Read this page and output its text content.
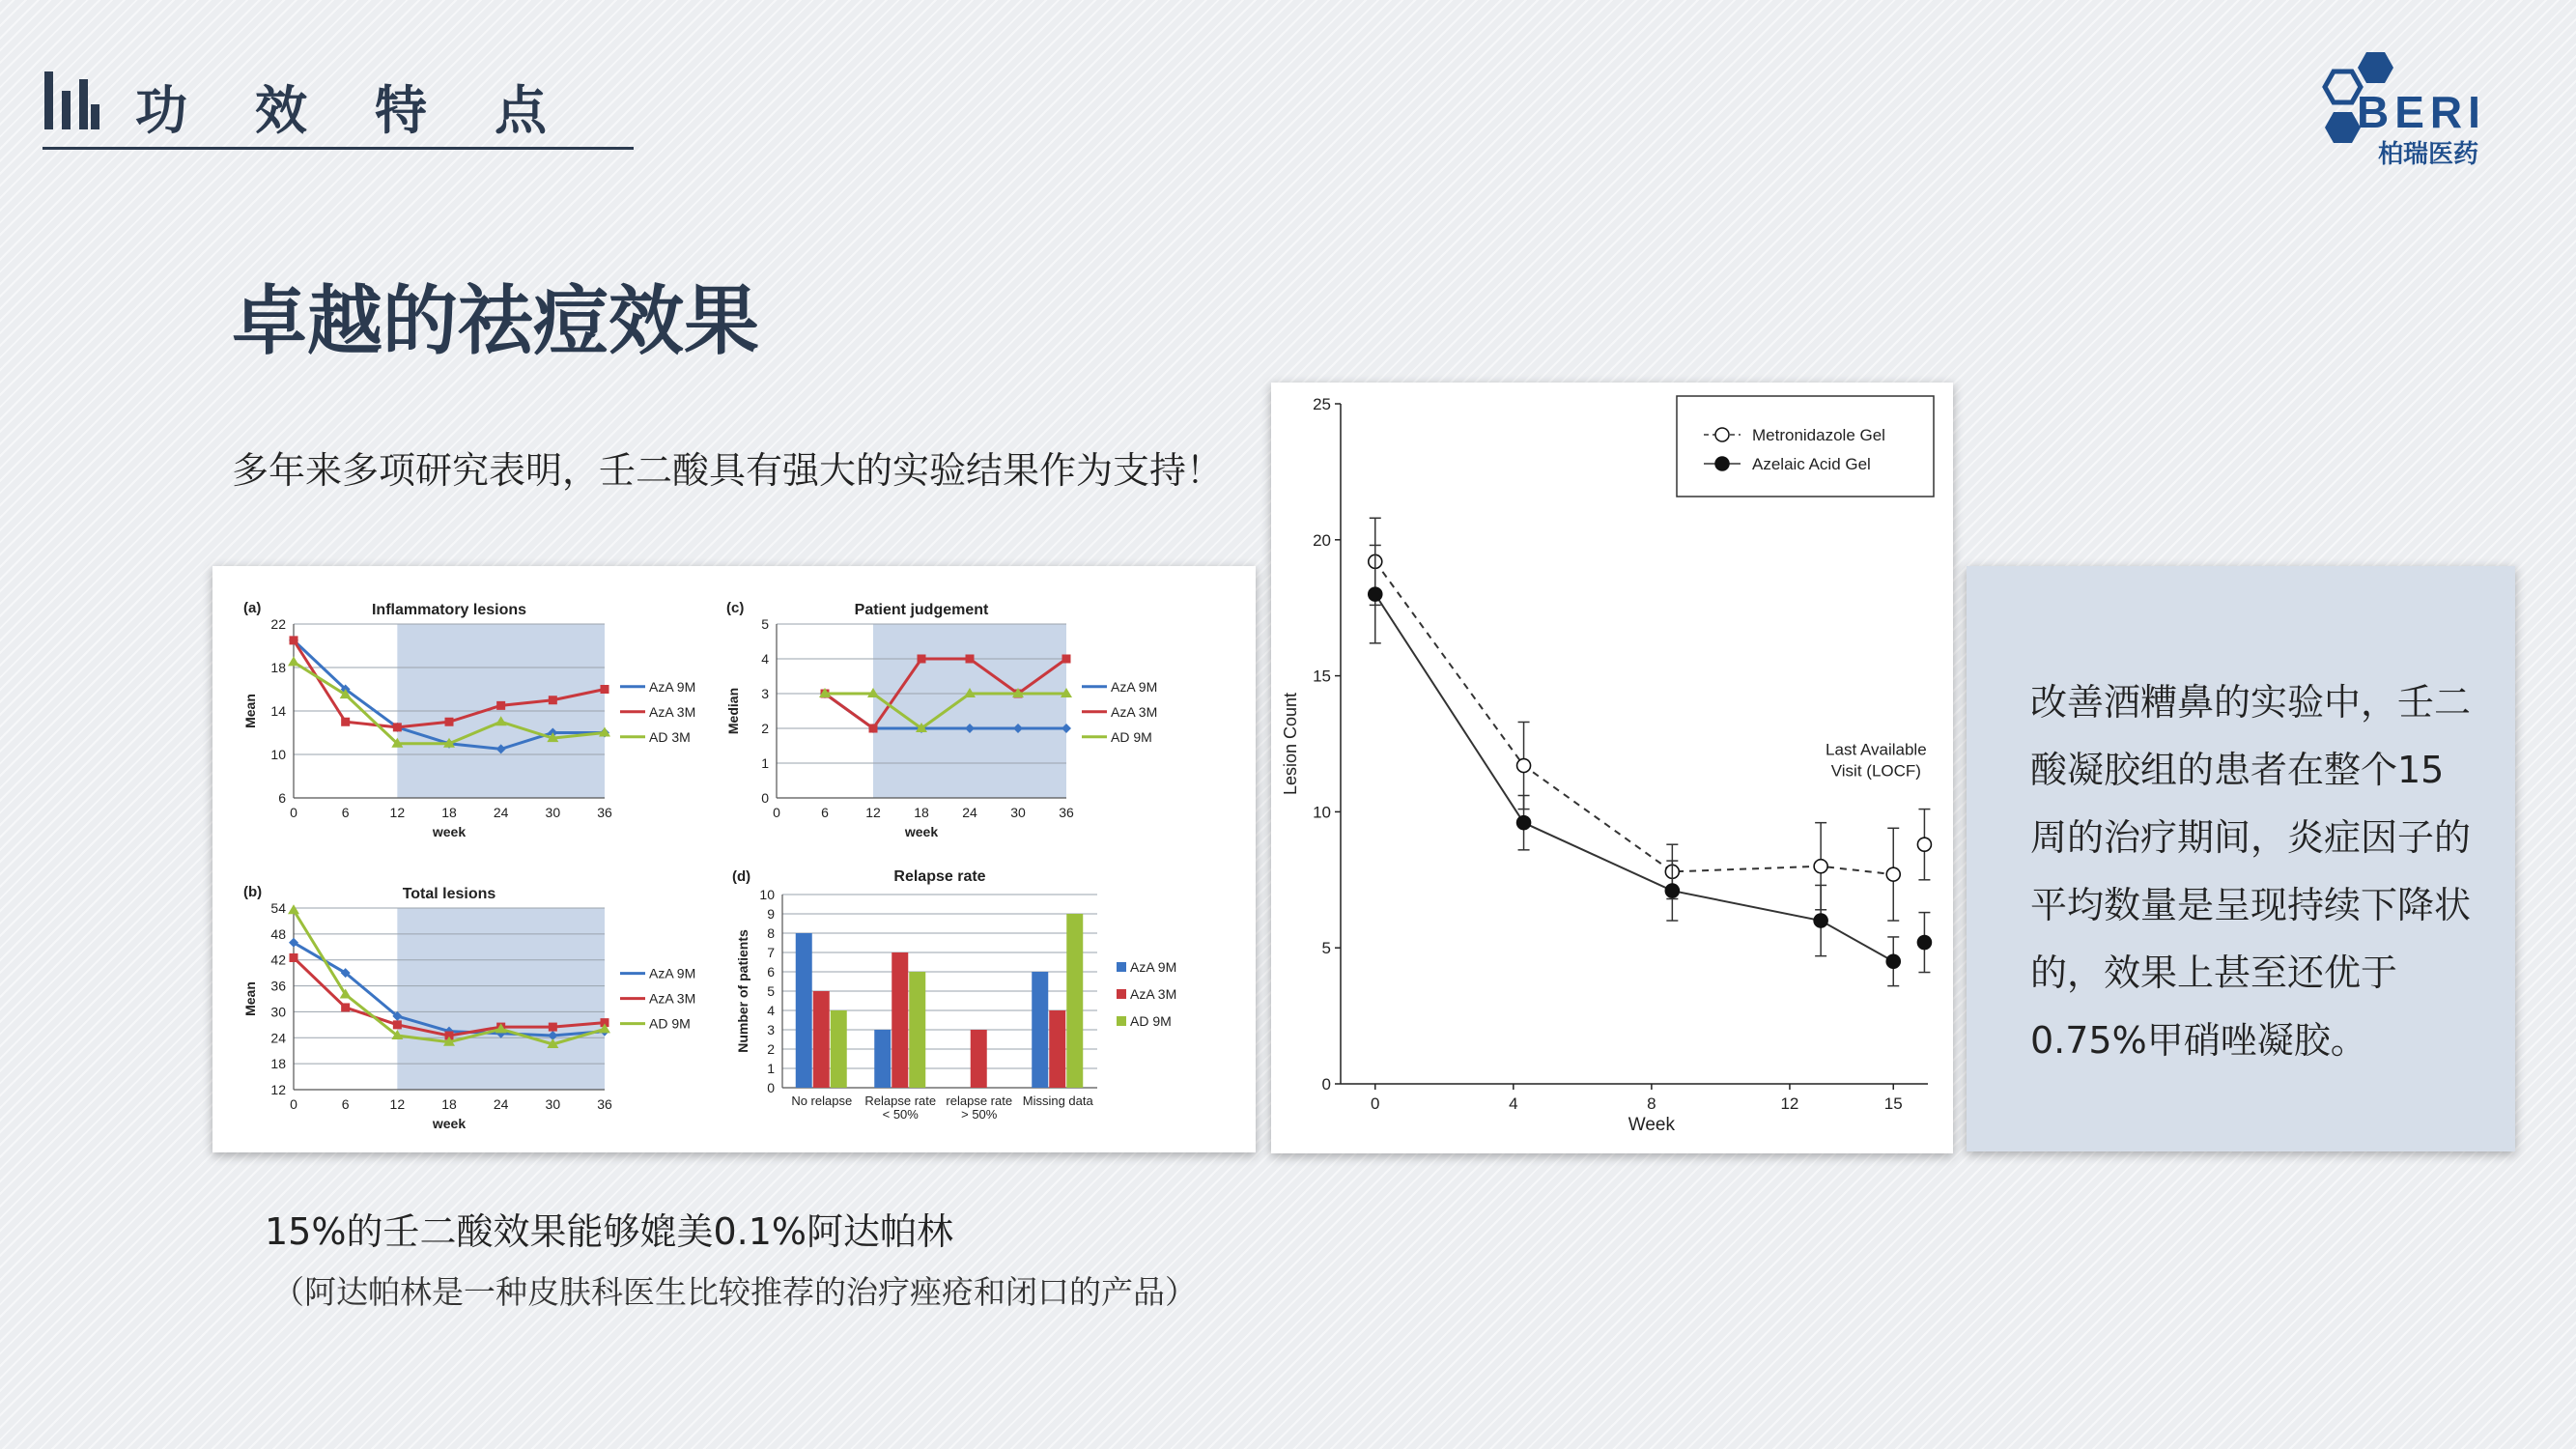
功效特点	BERI
柏瑞医药
卓越的祛痘效果
多年来多项研究表明，壬二酸具有强大的实验结果作为支持！
6
10
14
18
22
0	6	12	18	24	30	36
week
Mean
Inflammatory lesions
(a)
AzA 9M
AzA 3M
AD 3M
12
18
24
30
36
42
48
54
0	6	12	18	24	30	36
week
Mean
Total lesions
(b)
AzA 9M
AzA 3M
AD 9M
0
1
2
3
4
5
0	6	12 18 24 30 36
week
Median
Patient judgement
(c)
AzA 9M
AzA 3M
AD 9M
0
1
2
3
4
5
6
7
8
9
10
No relapse Relapse rate < 50%
relapse rate > 50%
Missing data
AzA 9M
AzA 3M
AD 9M
Relapse rate
(d)
Number of patients
0
5
10
15
20
25
0	4	8	12	15
Week
Lesion Count	Last Available Visit (LOCF)
Metronidazole Gel
Azelaic Acid Gel
改善酒糟鼻的实验中，壬二酸凝胶组的患者在整个15周的治疗期间，炎症因子的平均数量是呈现持续下降状的，效果上甚至还优于0.75%甲硝唑凝胶。
15%的壬二酸效果能够媲美0.1%阿达帕林
（阿达帕林是一种皮肤科医生比较推荐的治疗痤疮和闭口的产品）
